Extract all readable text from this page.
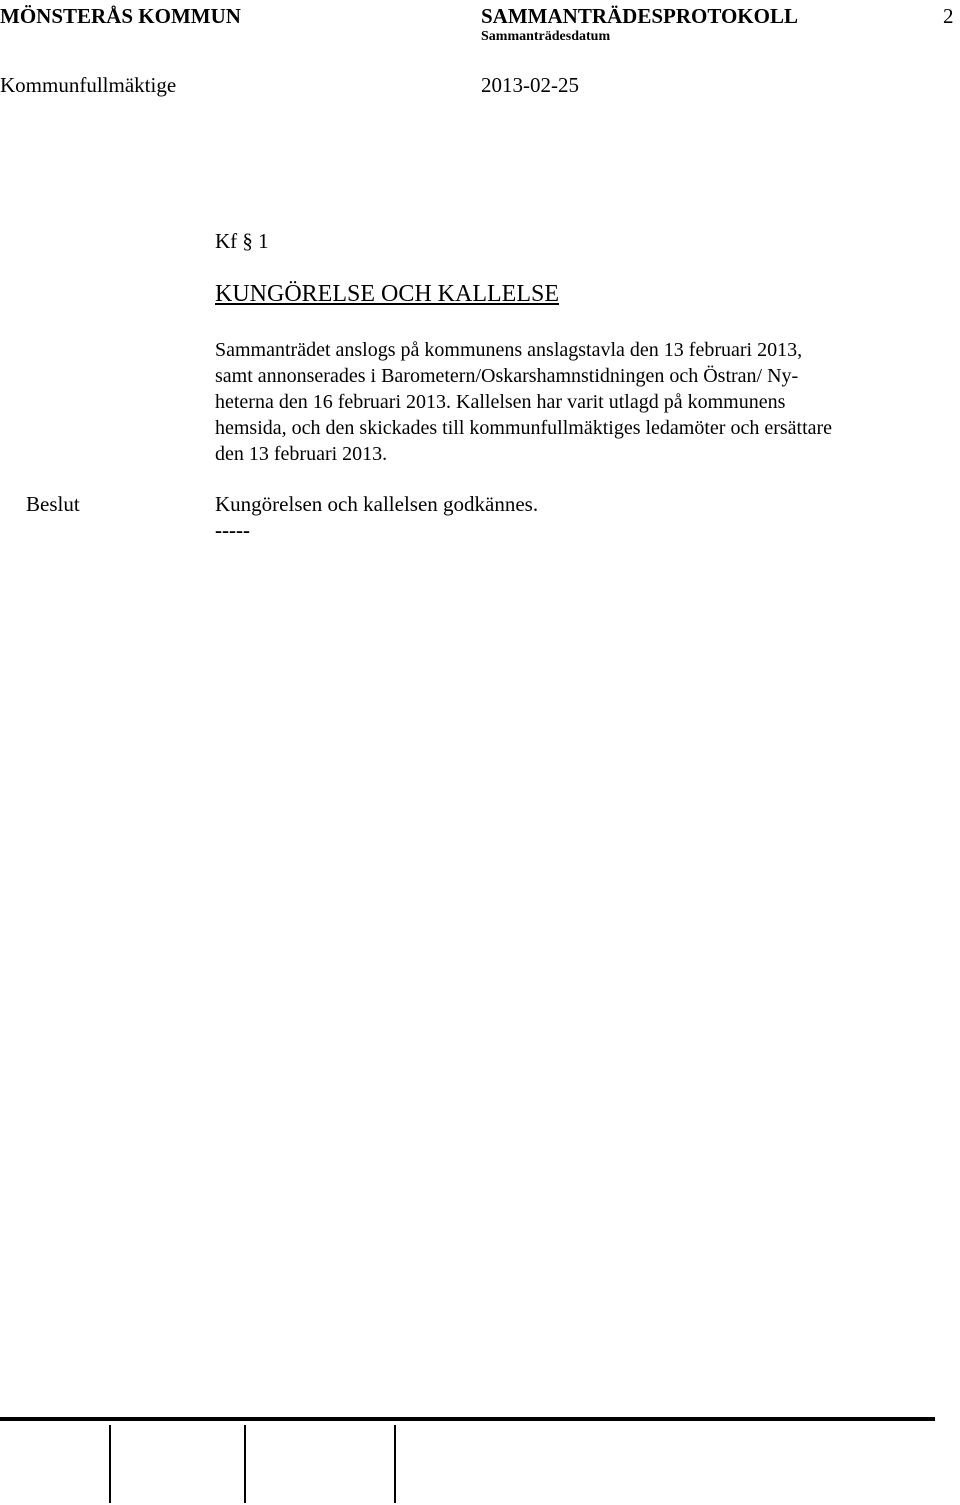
MÖNSTERÅS KOMMUN	SAMMANTRÄDESPROTOKOLL	2
Sammanträdesdatum
Kommunfullmäktige	2013-02-25
Kf § 1
KUNGÖRELSE OCH KALLELSE
Sammanträdet anslogs på kommunens anslagstavla den 13 februari 2013,
samt annonserades i Barometern/Oskarshamnstidningen och Östran/ Ny-
heterna den 16 februari 2013. Kallelsen har varit utlagd på kommunens
hemsida, och den skickades till kommunfullmäktiges ledamöter och ersättare
den 13 februari 2013.
Beslut	Kungörelsen och kallelsen godkännes.
-----
